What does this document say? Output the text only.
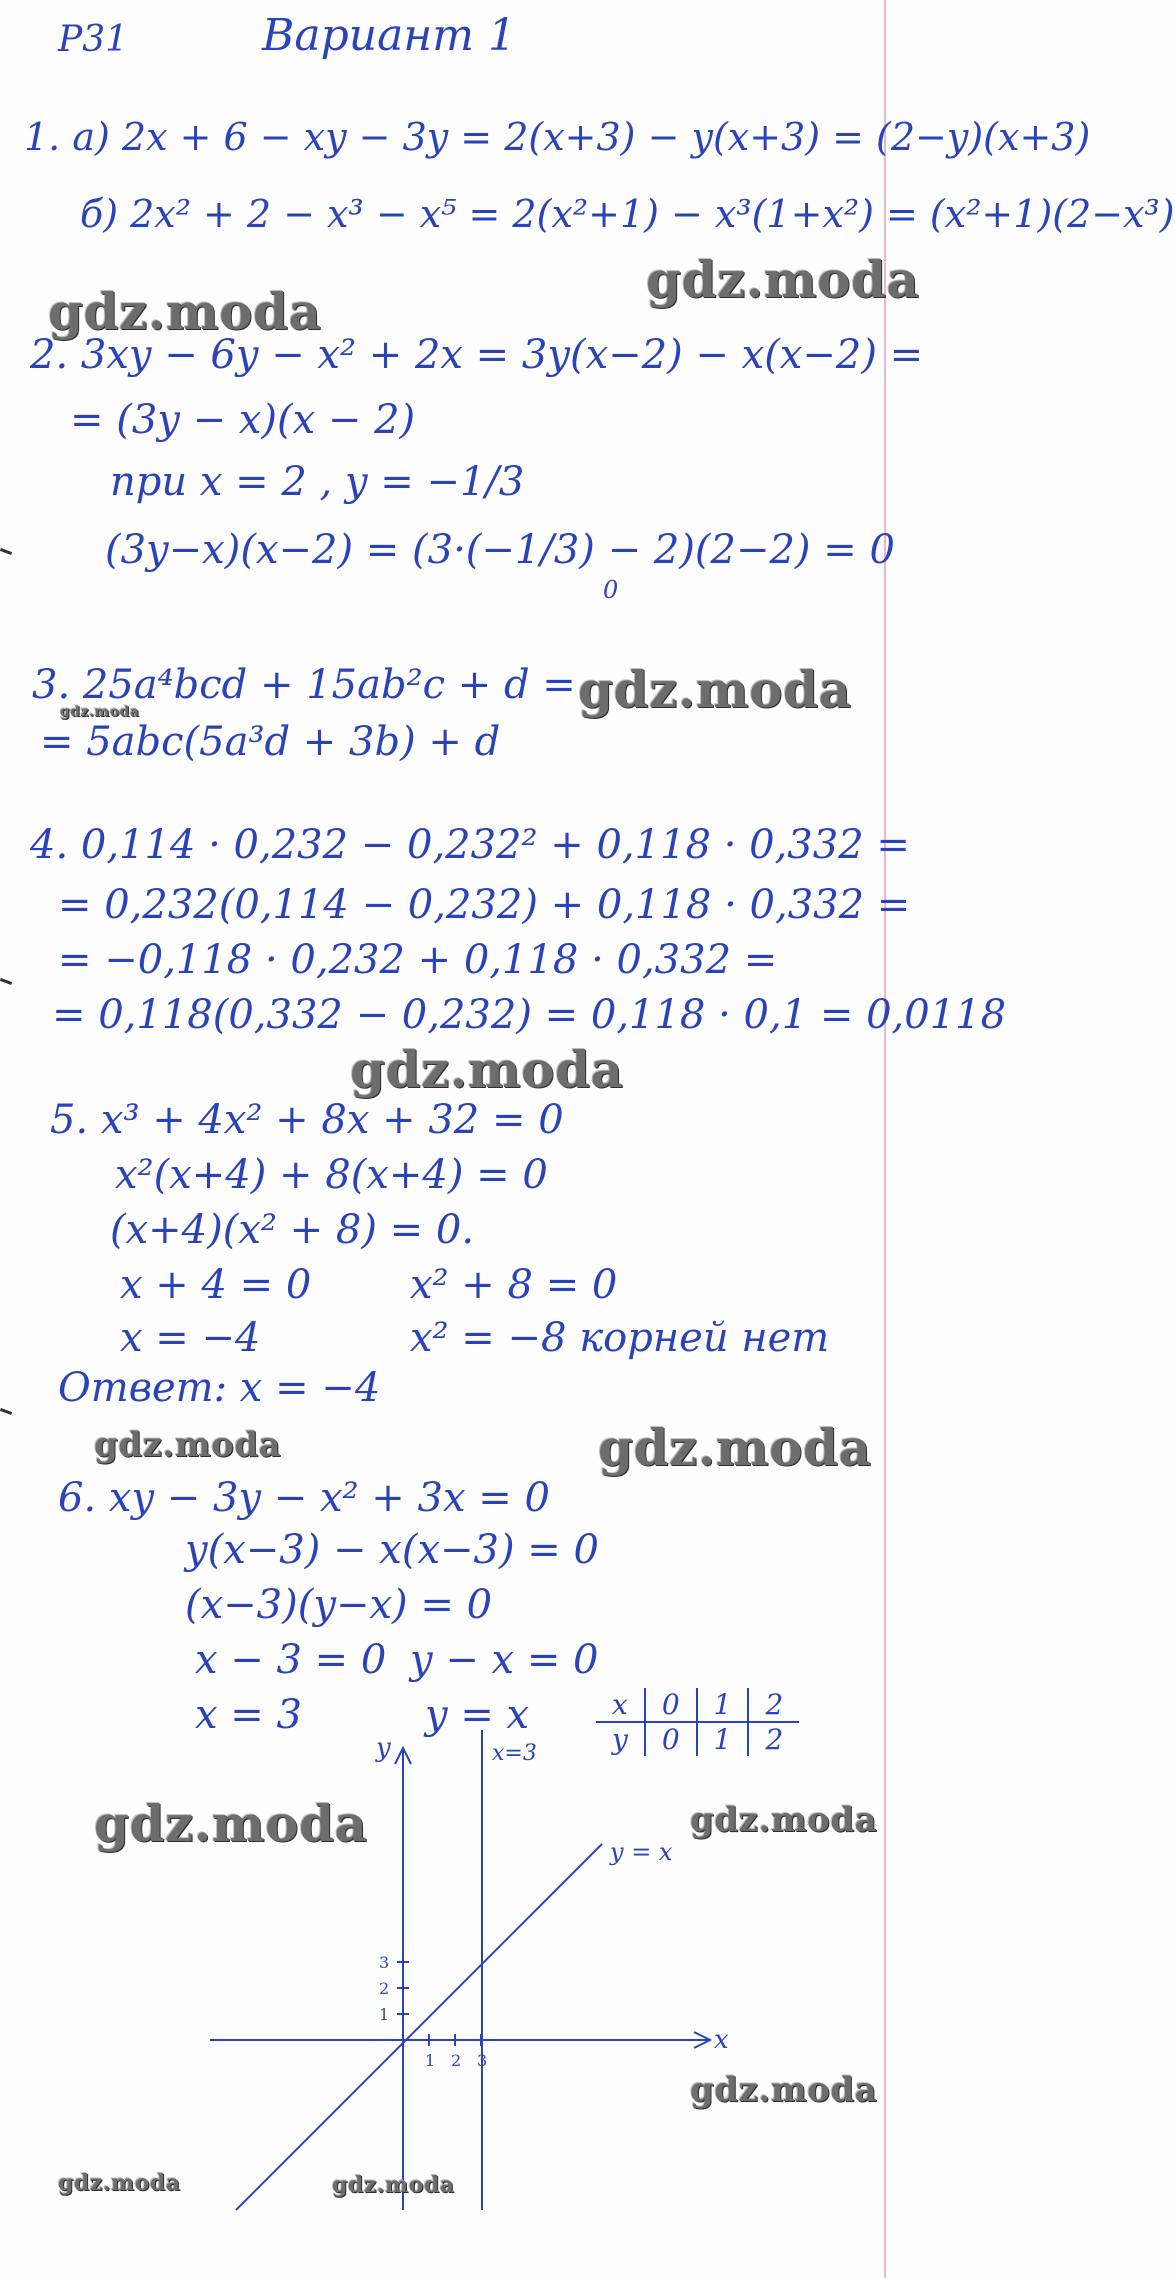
Р31	Вариант 1
1. а) 2x + 6 − xy − 3y = 2(x+3) − y(x+3) = (2−y)(x+3)
б) 2x² + 2 − x³ − x⁵ = 2(x²+1) − x³(1+x²) = (x²+1)(2−x³)
2. 3xy − 6y − x² + 2x = 3y(x−2) − x(x−2) =
= (3y − x)(x − 2)
при x = 2 , y = −1/3
(3y−x)(x−2) = (3·(−1/3) − 2)(2−2) = 0
0
3. 25a⁴bcd + 15ab²c + d =
= 5abc(5a³d + 3b) + d
4. 0,114 · 0,232 − 0,232² + 0,118 · 0,332 =
= 0,232(0,114 − 0,232) + 0,118 · 0,332 =
= −0,118 · 0,232 + 0,118 · 0,332 =
= 0,118(0,332 − 0,232) = 0,118 · 0,1 = 0,0118
5. x³ + 4x² + 8x + 32 = 0
x²(x+4) + 8(x+4) = 0
(x+4)(x² + 8) = 0.
x + 4 = 0 x² + 8 = 0
x = −4	x² = −8 корней нет
Ответ: x = −4
6. xy − 3y − x² + 3x = 0
y(x−3) − x(x−3) = 0
(x−3)(y−x) = 0
x − 3 = 0 y − x = 0
x = 3	y = x	x	0	1	2
y	0	1	2
x
y	x=3
y = x
1 2 3
1
2
3
gdz.moda
gdz.moda
gdz.moda
gdz.moda
gdz.moda
gdz.moda	gdz.moda
gdz.moda	gdz.moda
gdz.moda
gdz.moda	gdz.moda
